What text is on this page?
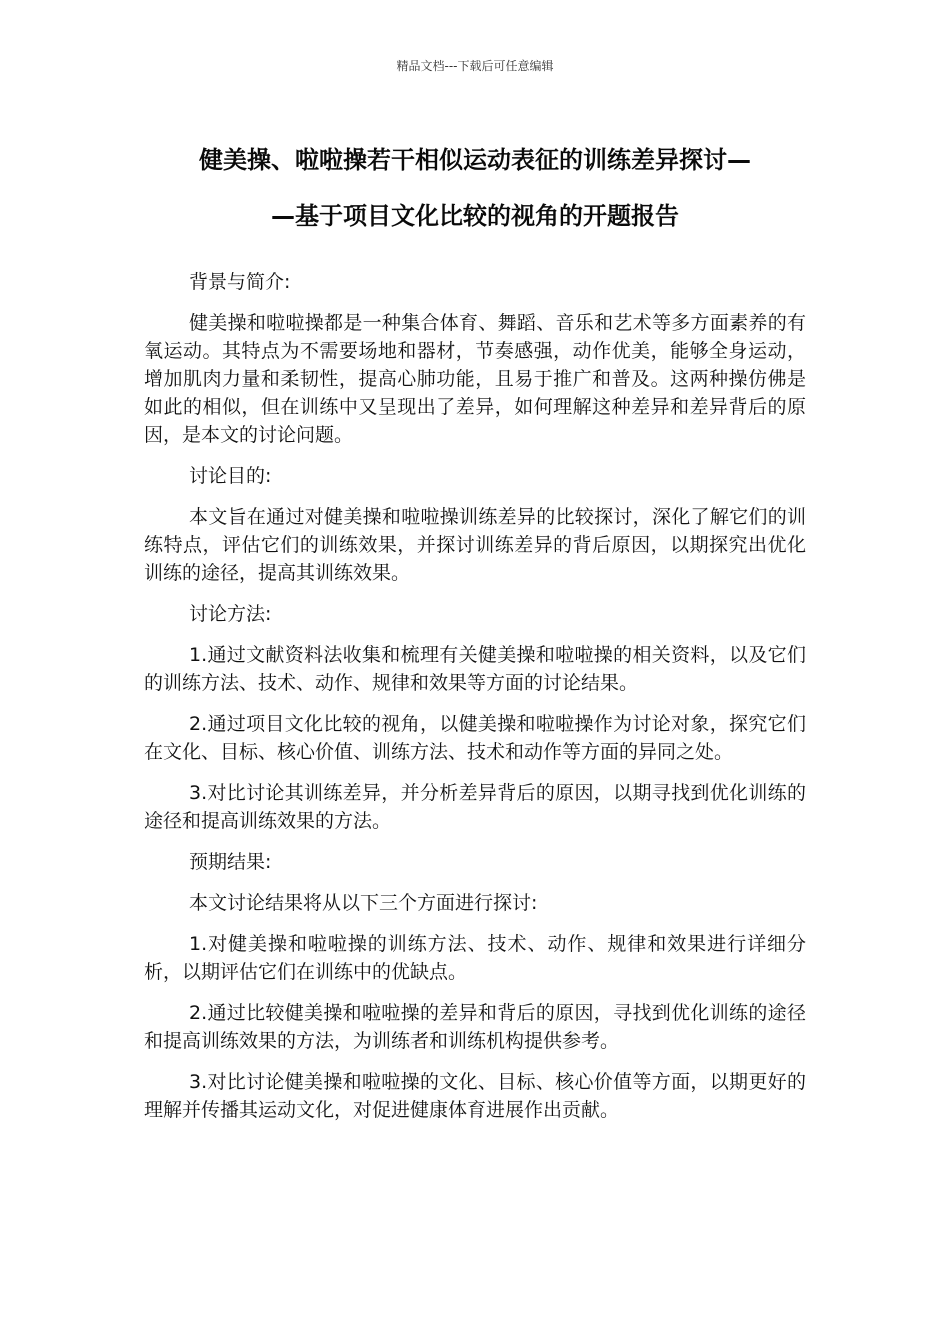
精品文档---下载后可任意编辑
健美操、啦啦操若干相似运动表征的训练差异探讨—
—基于项目文化比较的视角的开题报告

背景与简介:

健美操和啦啦操都是一种集合体育、舞蹈、音乐和艺术等多方面素养的有氧运动。其特点为不需要场地和器材，节奏感强，动作优美，能够全身运动，增加肌肉力量和柔韧性，提高心肺功能，且易于推广和普及。这两种操仿佛是如此的相似，但在训练中又呈现出了差异，如何理解这种差异和差异背后的原因，是本文的讨论问题。

讨论目的:

本文旨在通过对健美操和啦啦操训练差异的比较探讨，深化了解它们的训练特点，评估它们的训练效果，并探讨训练差异的背后原因，以期探究出优化训练的途径，提高其训练效果。

讨论方法:

1.通过文献资料法收集和梳理有关健美操和啦啦操的相关资料，以及它们的训练方法、技术、动作、规律和效果等方面的讨论结果。

2.通过项目文化比较的视角，以健美操和啦啦操作为讨论对象，探究它们在文化、目标、核心价值、训练方法、技术和动作等方面的异同之处。

3.对比讨论其训练差异，并分析差异背后的原因，以期寻找到优化训练的途径和提高训练效果的方法。

预期结果:

本文讨论结果将从以下三个方面进行探讨:

1.对健美操和啦啦操的训练方法、技术、动作、规律和效果进行详细分析，以期评估它们在训练中的优缺点。

2.通过比较健美操和啦啦操的差异和背后的原因，寻找到优化训练的途径和提高训练效果的方法，为训练者和训练机构提供参考。

3.对比讨论健美操和啦啦操的文化、目标、核心价值等方面，以期更好的理解并传播其运动文化，对促进健康体育进展作出贡献。
